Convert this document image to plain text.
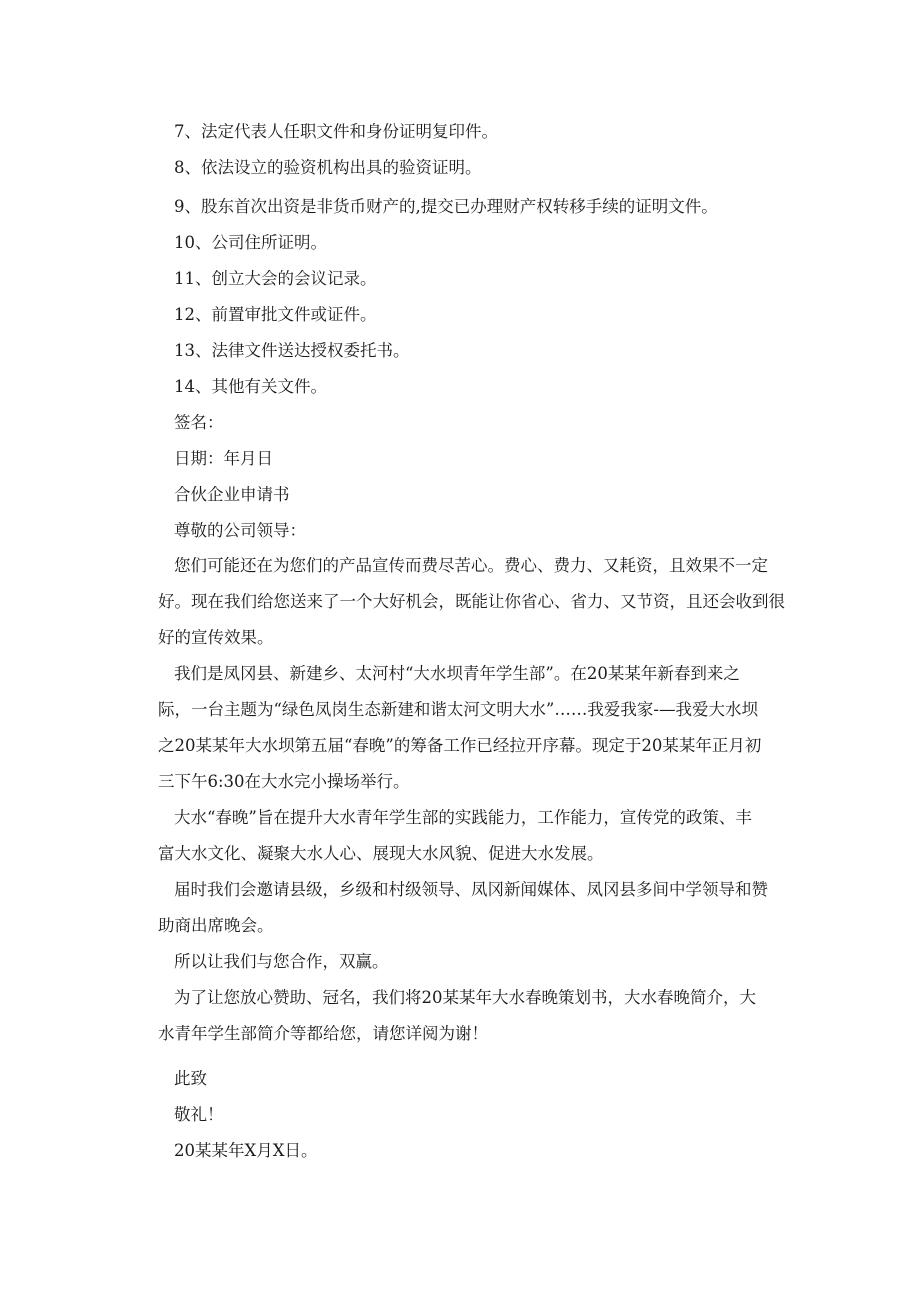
7、法定代表人任职文件和身份证明复印件。
8、依法设立的验资机构出具的验资证明。
9、股东首次出资是非货币财产的,提交已办理财产权转移手续的证明文件。
10、公司住所证明。
11、创立大会的会议记录。
12、前置审批文件或证件。
13、法律文件送达授权委托书。
14、其他有关文件。
签名：
日期：年月日
合伙企业申请书
尊敬的公司领导：
您们可能还在为您们的产品宣传而费尽苦心。费心、费力、又耗资，且效果不一定
好。现在我们给您送来了一个大好机会，既能让你省心、省力、又节资，且还会收到很
好的宣传效果。
我们是凤冈县、新建乡、太河村“大水坝青年学生部”。在20某某年新春到来之
际，一台主题为“绿色凤岗生态新建和谐太河文明大水”……我爱我家-—我爱大水坝
之20某某年大水坝第五届“春晚”的筹备工作已经拉开序幕。现定于20某某年正月初
三下午6:30在大水完小操场举行。
大水“春晚”旨在提升大水青年学生部的实践能力，工作能力，宣传党的政策、丰
富大水文化、凝聚大水人心、展现大水风貌、促进大水发展。
届时我们会邀请县级，乡级和村级领导、凤冈新闻媒体、凤冈县多间中学领导和赞
助商出席晚会。
所以让我们与您合作，双赢。
为了让您放心赞助、冠名，我们将20某某年大水春晚策划书，大水春晚简介，大
水青年学生部简介等都给您，请您详阅为谢！
此致
敬礼！
20某某年X月X日。
